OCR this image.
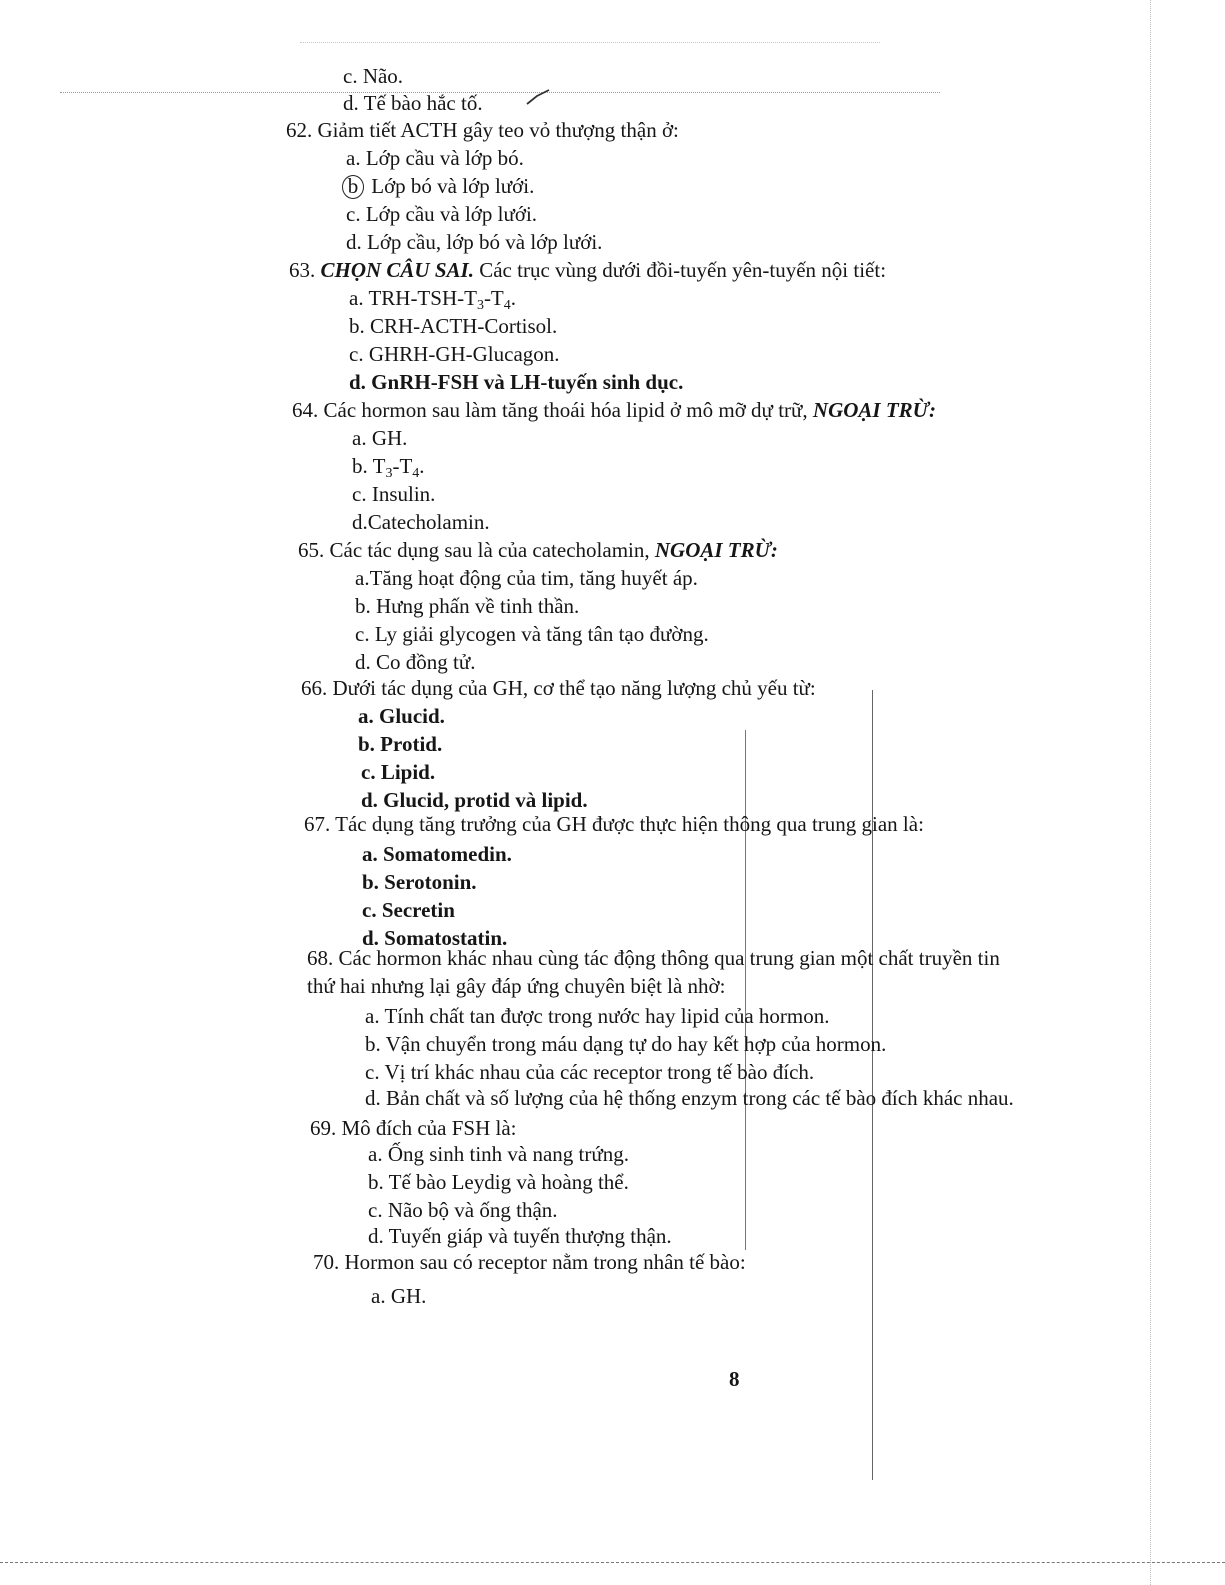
c. Não.
d. Tế bào hắc tố.
62. Giảm tiết ACTH gây teo vỏ thượng thận ở:
a. Lớp cầu và lớp bó.
b Lớp bó và lớp lưới.
c. Lớp cầu và lớp lưới.
d. Lớp cầu, lớp bó và lớp lưới.
63. CHỌN CÂU SAI. Các trục vùng dưới đồi-tuyến yên-tuyến nội tiết:
a. TRH-$TSH-T_3-T_4$.
b. CRH-ACTH-Cortisol.
c. GHRH-GH-Glucagon.
d. GnRH-FSH và LH-tuyến sinh dục.
64. Các hormon sau làm tăng thoái hóa lipid ở mô mỡ dự trữ, NGOẠI TRỪ:
a. GH.
b. $T_3-T_4$.
c. Insulin.
d.Catecholamin.
65. Các tác dụng sau là của catecholamin, NGOẠI TRỪ:
a.Tăng hoạt động của tim, tăng huyết áp.
b. Hưng phấn về tinh thần.
c. Ly giải glycogen và tăng tân tạo đường.
d. Co đồng tử.
66. Dưới tác dụng của GH, cơ thể tạo năng lượng chủ yếu từ:
a. Glucid.
b. Protid.
c. Lipid.
d. Glucid, protid và lipid.
67. Tác dụng tăng trưởng của GH được thực hiện thông qua trung gian là:
a. Somatomedin.
b. Serotonin.
c. Secretin
d. Somatostatin.
68. Các hormon khác nhau cùng tác động thông qua trung gian một chất truyền tin
thứ hai nhưng lại gây đáp ứng chuyên biệt là nhờ:
a. Tính chất tan được trong nước hay lipid của hormon.
b. Vận chuyển trong máu dạng tự do hay kết hợp của hormon.
c. Vị trí khác nhau của các receptor trong tế bào đích.
d. Bản chất và số lượng của hệ thống enzym trong các tế bào đích khác nhau.
69. Mô đích của FSH là:
a. Ống sinh tinh và nang trứng.
b. Tế bào Leydig và hoàng thể.
c. Não bộ và ống thận.
d. Tuyến giáp và tuyến thượng thận.
70. Hormon sau có receptor nằm trong nhân tế bào:
a. GH.
8
